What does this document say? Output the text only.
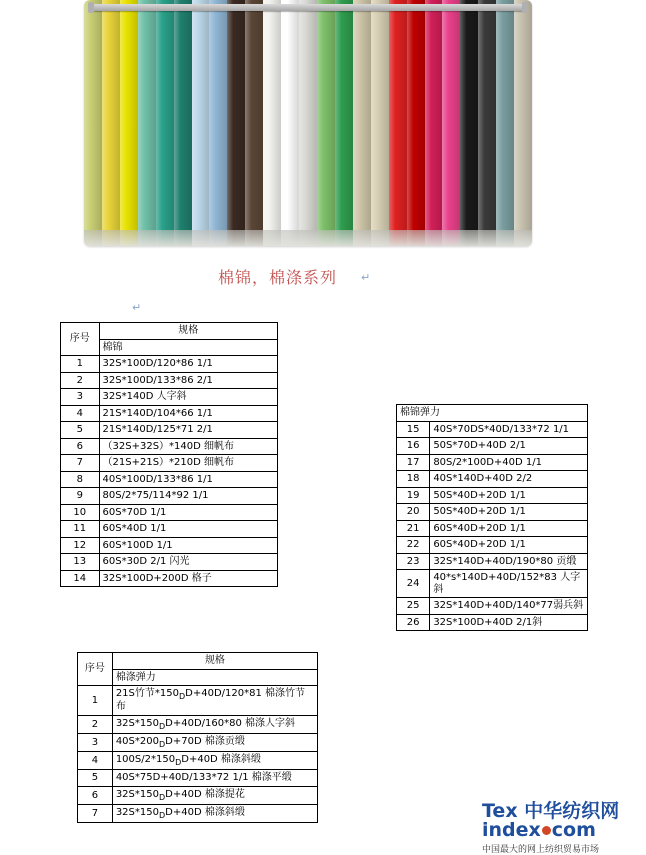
棉锦，棉涤系列 ↵
↵
序号	规格
	棉锦
1	32S*100D/120*86 1/1
2	32S*100D/133*86 2/1
3	32S*140D 人字斜
4	21S*140D/104*66 1/1
5	21S*140D/125*71 2/1
6	（32S+32S）*140D 细帆布
7	（21S+21S）*210D 细帆布
8	40S*100D/133*86 1/1
9	80S/2*75/114*92 1/1
10	60S*70D 1/1
11	60S*40D 1/1
12	60S*100D 1/1
13	60S*30D 2/1 闪光
14	32S*100D+200D 格子
棉锦弹力	
15	40S*70DS*40D/133*72 1/1
16	50S*70D+40D 2/1
17	80S/2*100D+40D 1/1
18	40S*140D+40D 2/2
19	50S*40D+20D 1/1
20	50S*40D+20D 1/1
21	60S*40D+20D 1/1
22	60S*40D+20D 1/1
23	32S*140D+40D/190*80 贡缎
24	40*s*140D+40D/152*83 人字斜
25	32S*140D+40D/140*77弱兵斜
26	32S*100D+40D 2/1斜
序号	规格
	棉涤弹力
1	21S竹节$*150_DD+40D/120*81$ 棉涤竹节布
2	$32S*150_DD+40D/160*80$ 棉涤人字斜
3	$40S*200_DD+70D$ 棉涤贡缎
4	$100S/2*150_DD+40D$ 棉涤斜缎
5	40S*75D+40D/133*72 1/1 棉涤平缎
6	$32S*150_DD+40D$ 棉涤提花
7	$32S*150_DD+40D$ 棉涤斜缎	Tex 中华纺织网
index com
中国最大的网上纺织贸易市场
